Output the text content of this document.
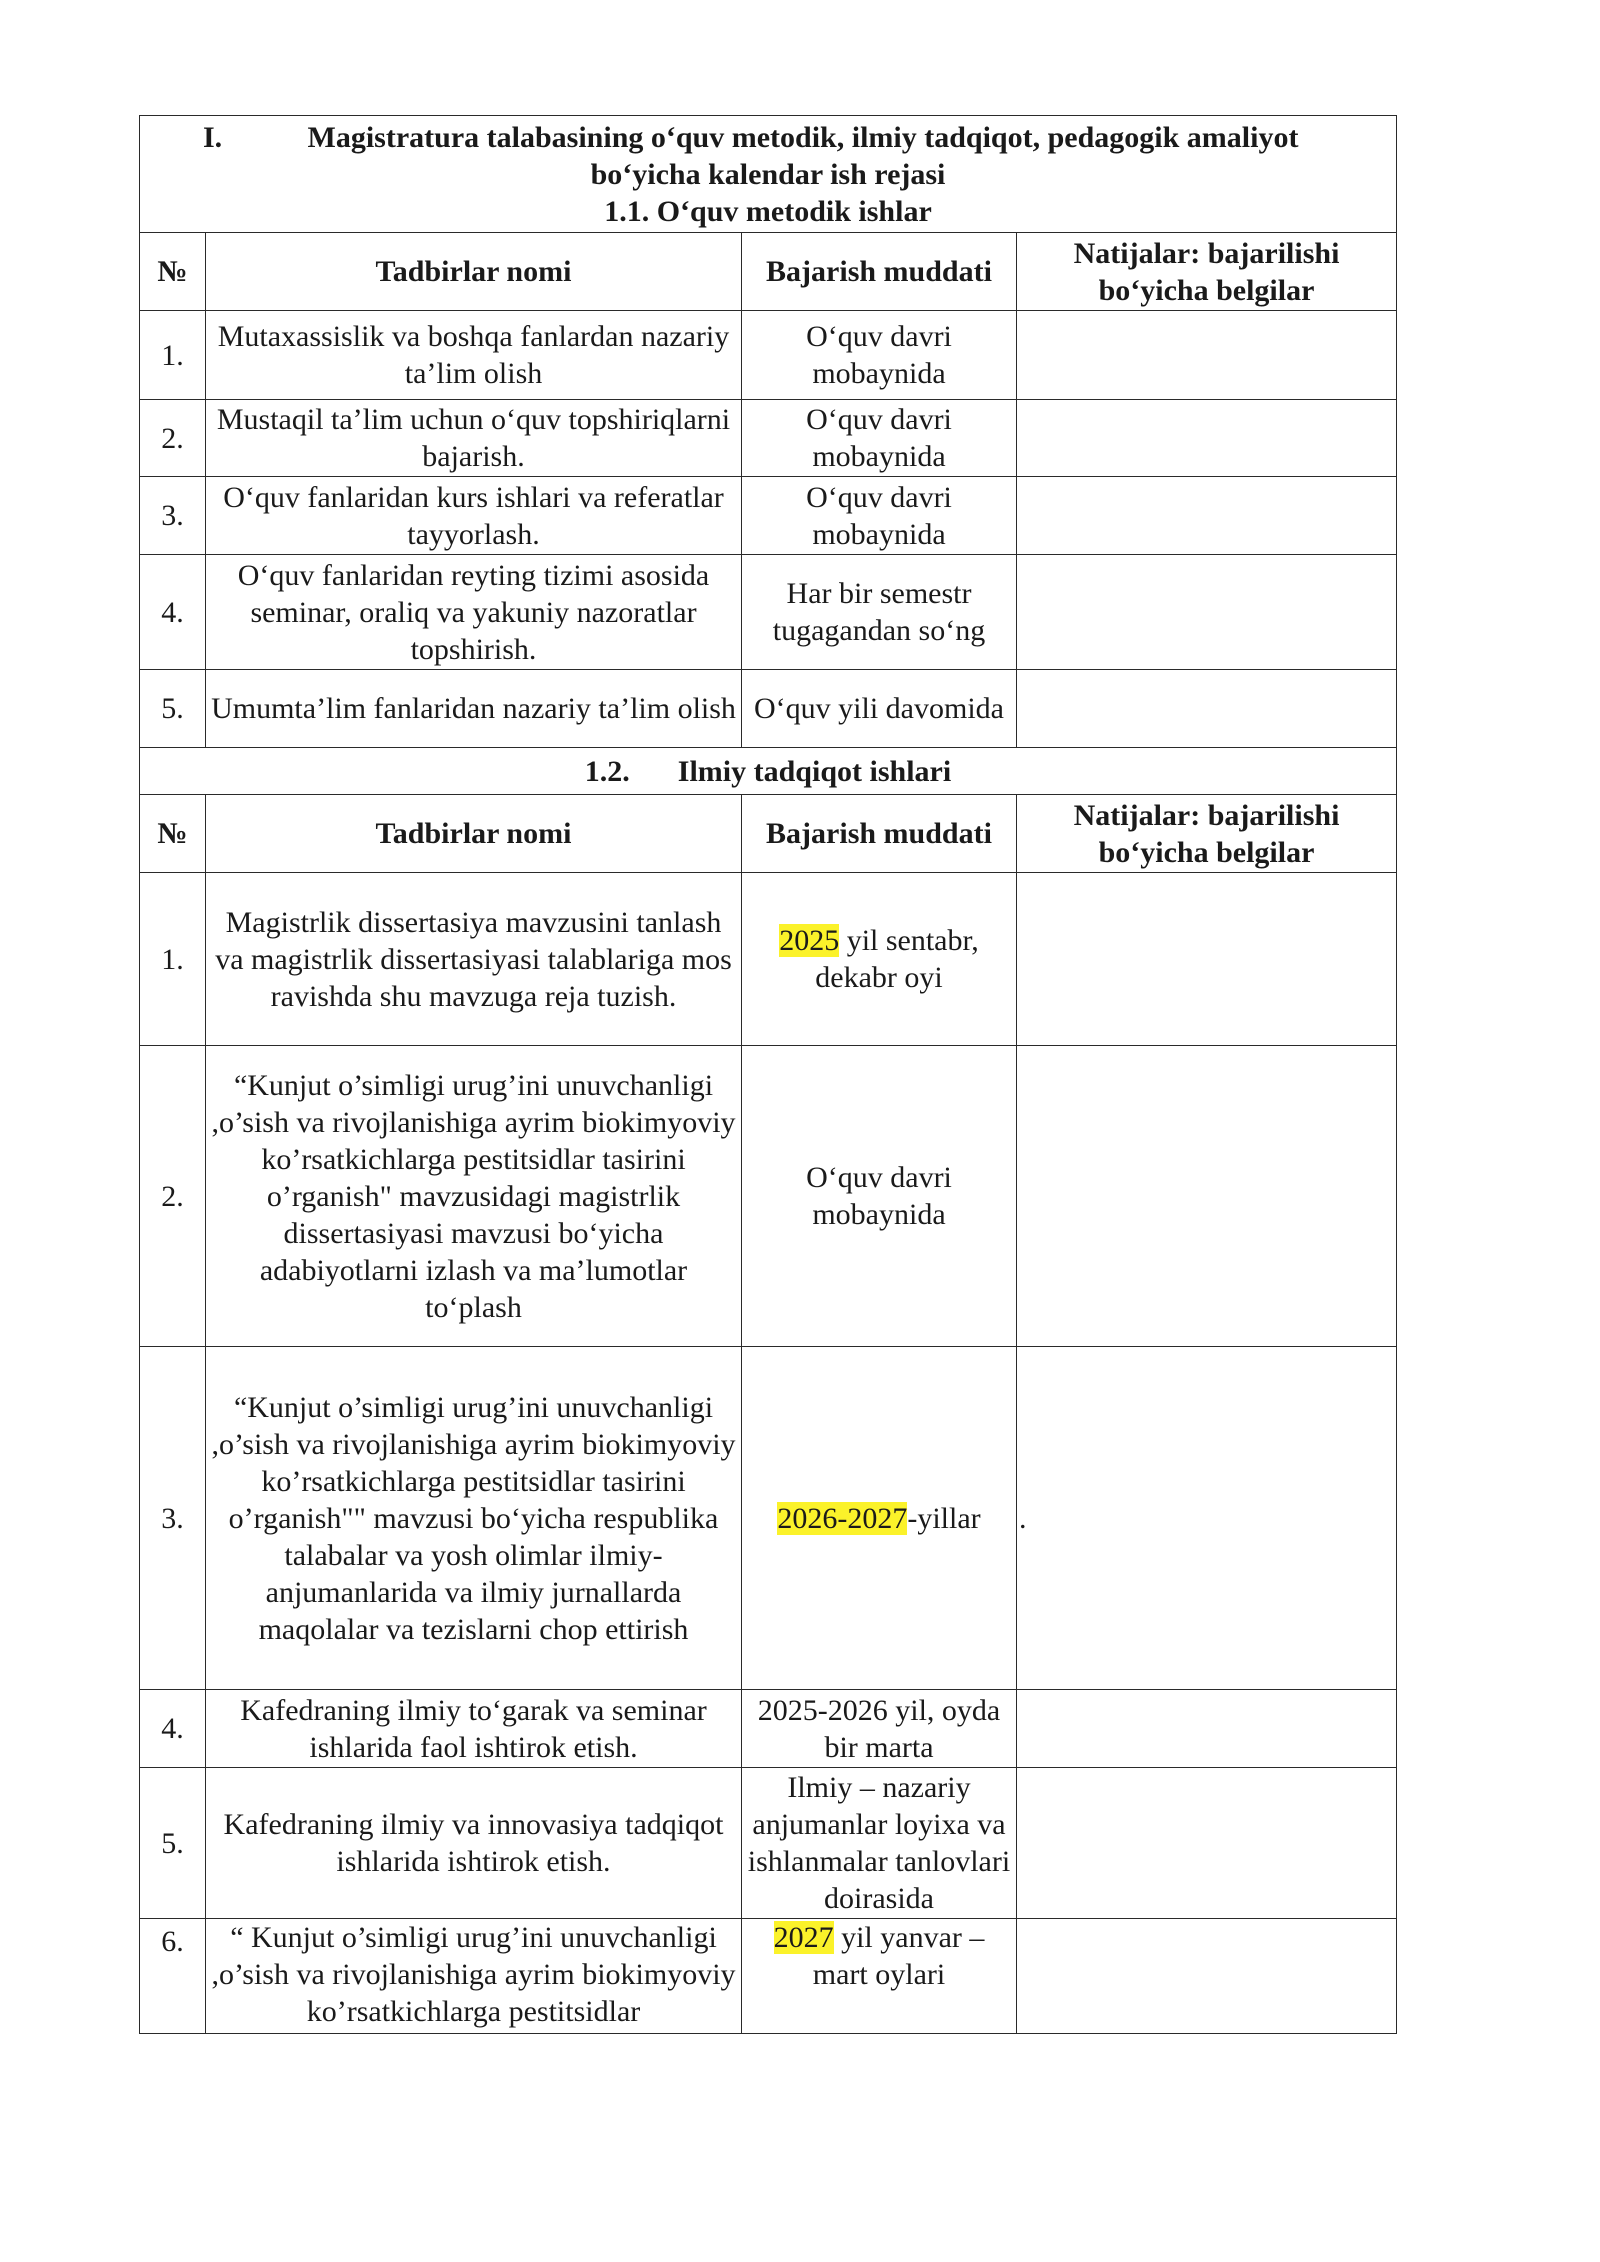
I. Magistratura talabasining o‘quv metodik, ilmiy tadqiqot, pedagogik amaliyot
bo‘yicha kalendar ish rejasi
1.1. O‘quv metodik ishlar			

№	Tadbirlar nomi	Bajarish muddati	Natijalar: bajarilishi bo‘yicha belgilar
1.	Mutaxassislik va boshqa fanlardan nazariy ta’lim olish	O‘quv davri mobaynida	
2.	Mustaqil ta’lim uchun o‘quv topshiriqlarni bajarish.	O‘quv davri mobaynida	
3.	O‘quv fanlaridan kurs ishlari va referatlar tayyorlash.	O‘quv davri mobaynida	
4.	O‘quv fanlaridan reyting tizimi asosida seminar, oraliq va yakuniy nazoratlar topshirish.	Har bir semestr tugagandan so‘ng	
5.	Umumta’lim fanlaridan nazariy ta’lim olish	O‘quv yili davomida	
1.2. Ilmiy tadqiqot ishlari			
№	Tadbirlar nomi	Bajarish muddati	Natijalar: bajarilishi bo‘yicha belgilar
1.	Magistrlik dissertasiya mavzusini tanlash va magistrlik dissertasiyasi talablariga mos ravishda shu mavzuga reja tuzish.	2025 yil sentabr, dekabr oyi	
2.	“Kunjut o’simligi urug’ini unuvchanligi ,o’sish va rivojlanishiga ayrim biokimyoviy ko’rsatkichlarga pestitsidlar tasirini o’rganish" mavzusidagi magistrlik dissertasiyasi mavzusi bo‘yicha adabiyotlarni izlash va ma’lumotlar to‘plash	O‘quv davri mobaynida	
3.	“Kunjut o’simligi urug’ini unuvchanligi ,o’sish va rivojlanishiga ayrim biokimyoviy ko’rsatkichlarga pestitsidlar tasirini o’rganish"" mavzusi bo‘yicha respublika talabalar va yosh olimlar ilmiy-anjumanlarida va ilmiy jurnallarda maqolalar va tezislarni chop ettirish	2026-2027-yillar	.
4.	Kafedraning ilmiy to‘garak va seminar ishlarida faol ishtirok etish.	2025-2026 yil, oyda bir marta	
5.	Kafedraning ilmiy va innovasiya tadqiqot ishlarida ishtirok etish.	Ilmiy – nazariy anjumanlar loyixa va ishlanmalar tanlovlari doirasida	
6.	“ Kunjut o’simligi urug’ini unuvchanligi ,o’sish va rivojlanishiga ayrim biokimyoviy ko’rsatkichlarga pestitsidlar	2027 yil yanvar – mart oylari	
